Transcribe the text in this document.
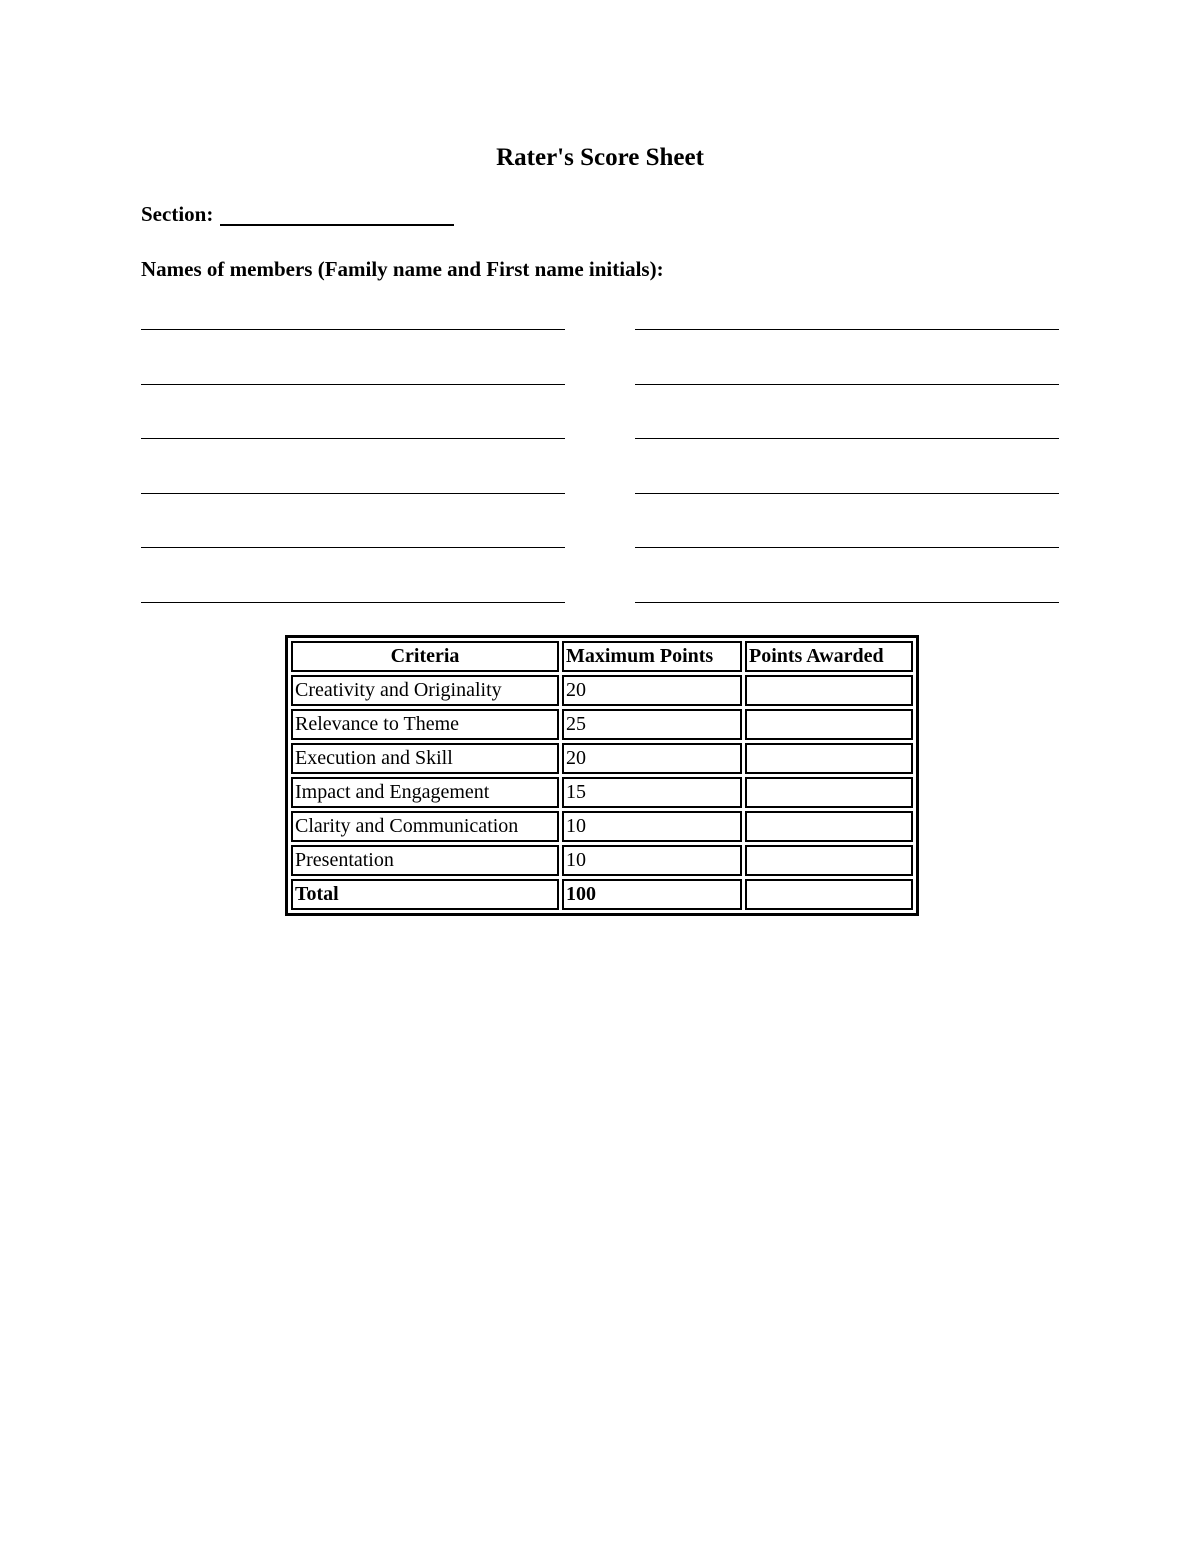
Rater's Score Sheet
Section:
Names of members (Family name and First name initials):
Criteria	Maximum Points	Points Awarded
Creativity and Originality	20	
Relevance to Theme	25	
Execution and Skill	20	
Impact and Engagement	15	
Clarity and Communication	10	
Presentation	10	
Total	100	
